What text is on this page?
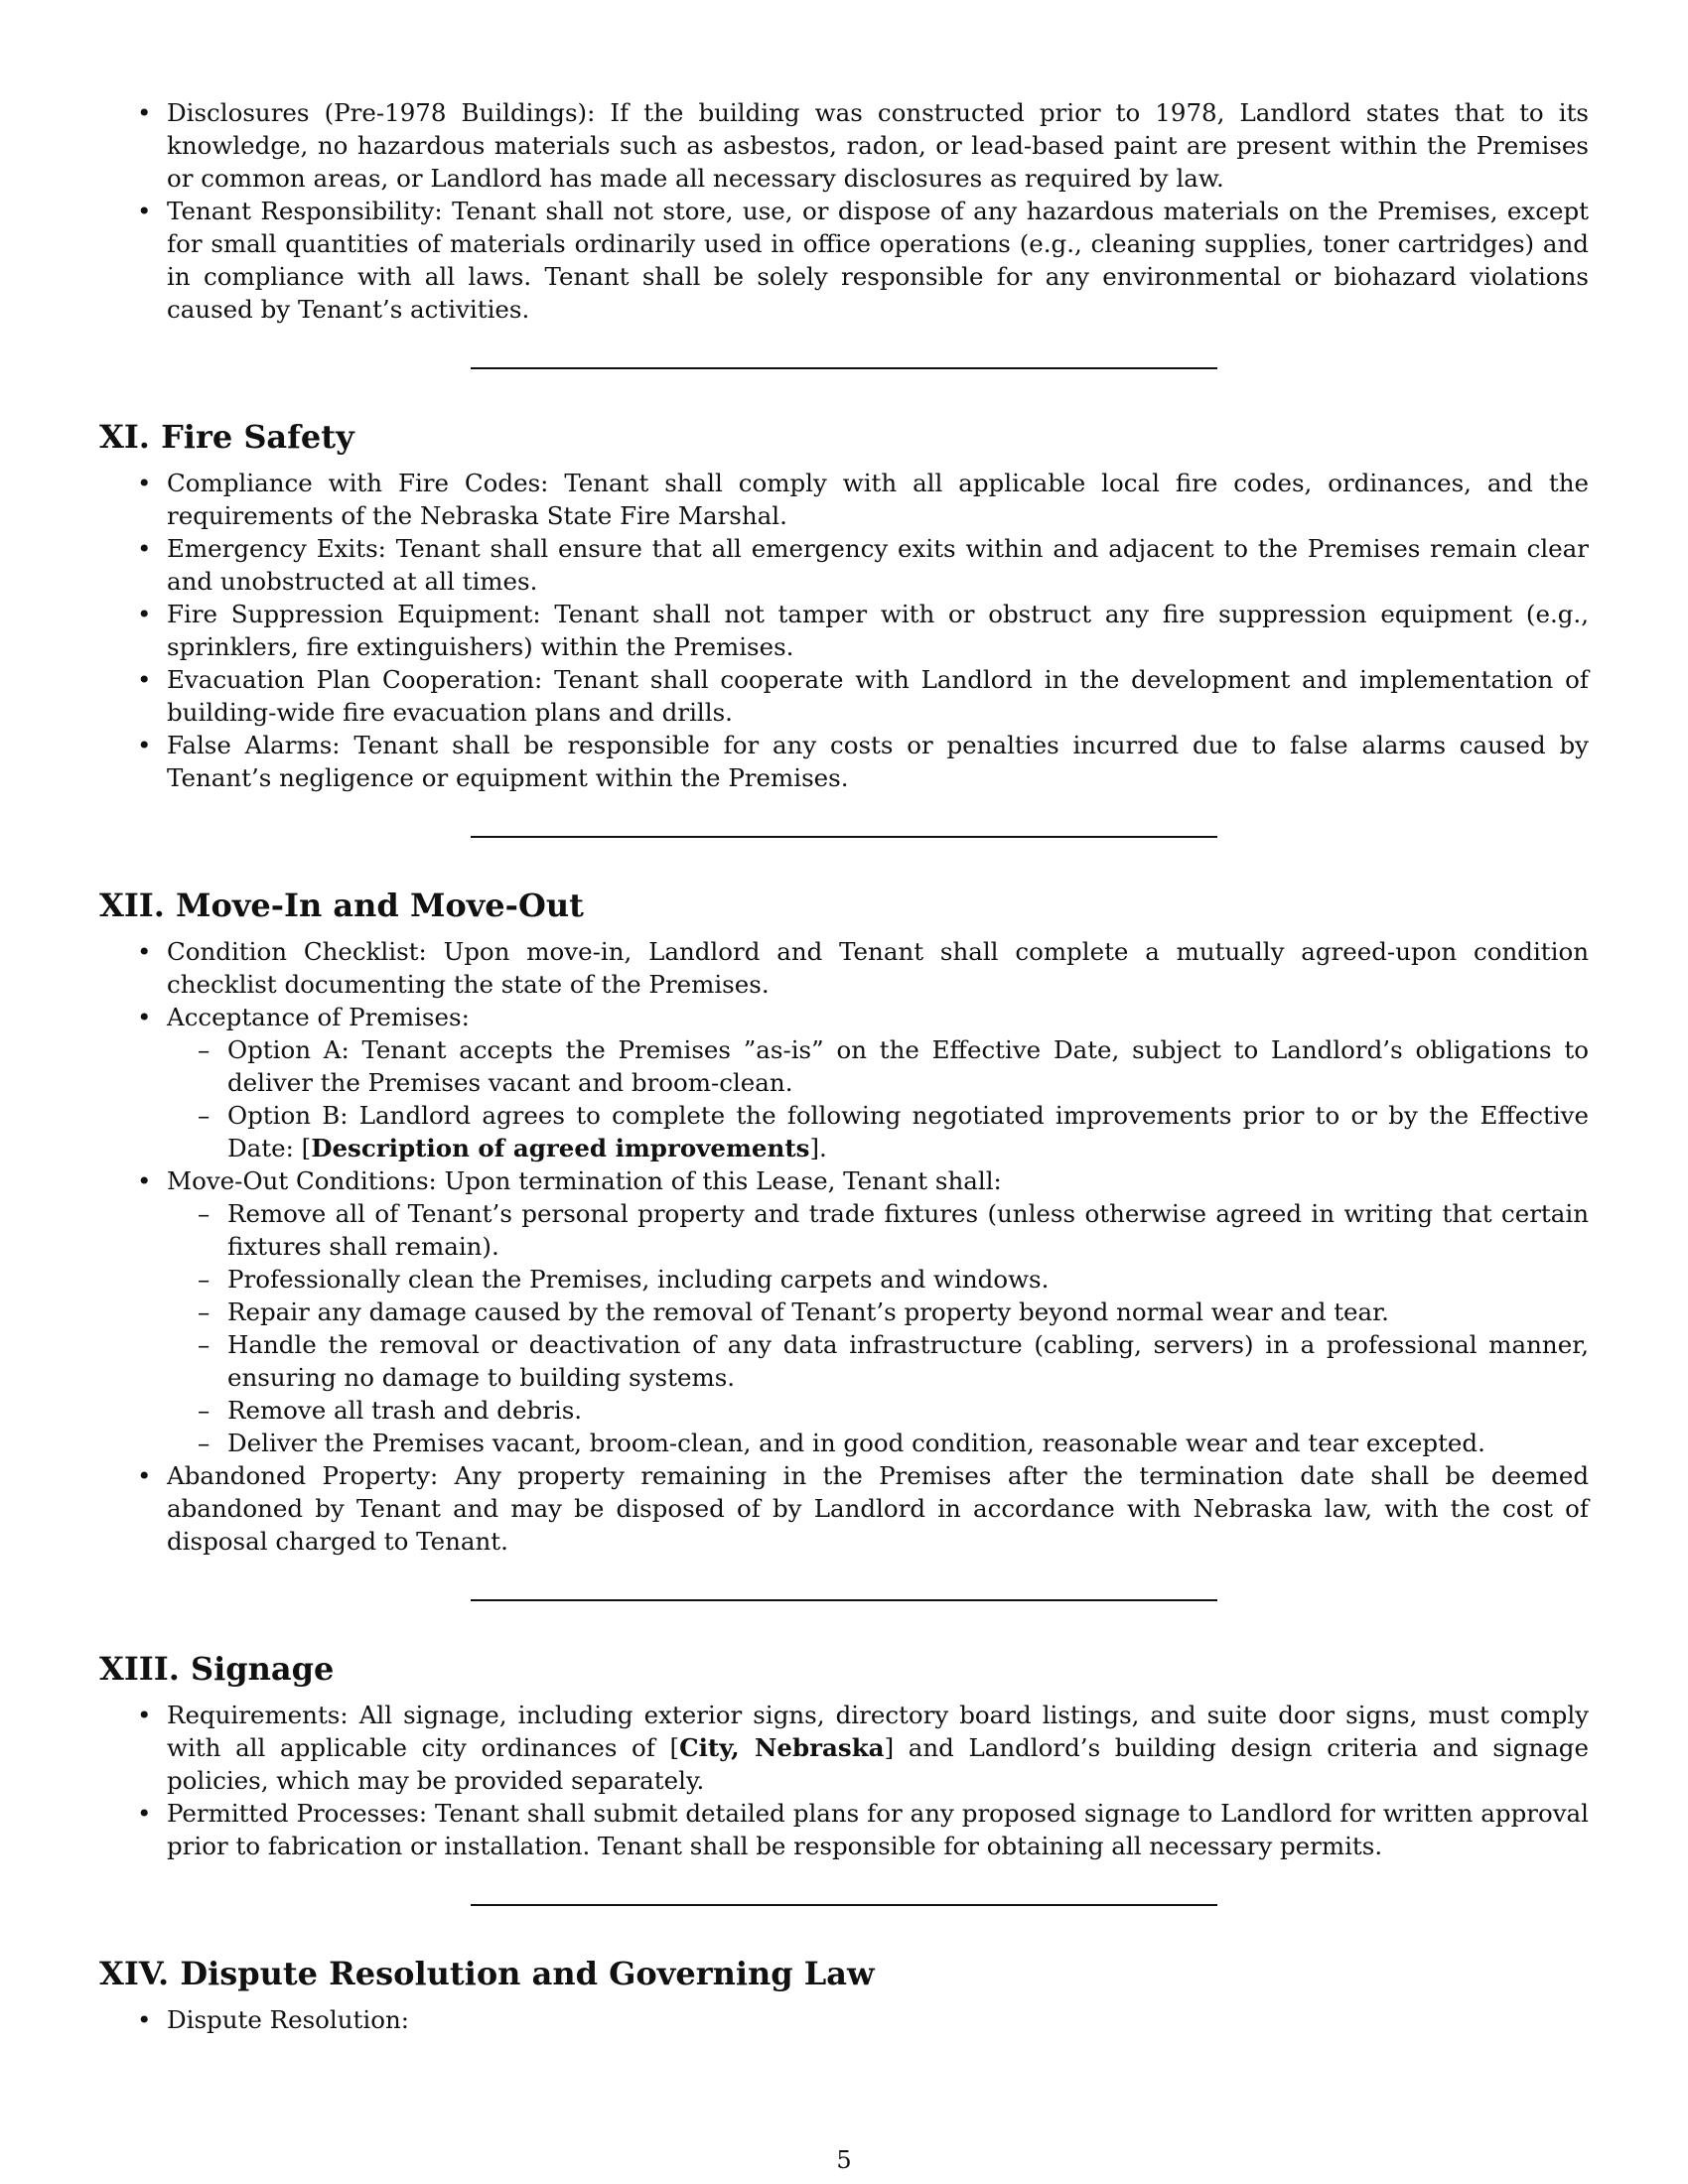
• Disclosures (Pre-1978 Buildings): If the building was constructed prior to 1978, Landlord states that to its knowledge, no hazardous materials such as asbestos, radon, or lead-based paint are present within the Premises or common areas, or Landlord has made all necessary disclosures as required by law.
• Tenant Responsibility: Tenant shall not store, use, or dispose of any hazardous materials on the Premises, except for small quantities of materials ordinarily used in office operations (e.g., cleaning supplies, toner cartridges) and in compliance with all laws. Tenant shall be solely responsible for any environmental or biohazard violations caused by Tenant’s activities.
XI. Fire Safety
• Compliance with Fire Codes: Tenant shall comply with all applicable local fire codes, ordinances, and the requirements of the Nebraska State Fire Marshal.
• Emergency Exits: Tenant shall ensure that all emergency exits within and adjacent to the Premises remain clear and unobstructed at all times.
• Fire Suppression Equipment: Tenant shall not tamper with or obstruct any fire suppression equipment (e.g., sprinklers, fire extinguishers) within the Premises.
• Evacuation Plan Cooperation: Tenant shall cooperate with Landlord in the development and implementation of building-wide fire evacuation plans and drills.
• False Alarms: Tenant shall be responsible for any costs or penalties incurred due to false alarms caused by Tenant’s negligence or equipment within the Premises.
XII. Move-In and Move-Out
• Condition Checklist: Upon move-in, Landlord and Tenant shall complete a mutually agreed-upon condition checklist documenting the state of the Premises.
• Acceptance of Premises:
– Option A: Tenant accepts the Premises ”as-is” on the Effective Date, subject to Landlord’s obligations to deliver the Premises vacant and broom-clean.
– Option B: Landlord agrees to complete the following negotiated improvements prior to or by the Effective Date: [Description of agreed improvements].
• Move-Out Conditions: Upon termination of this Lease, Tenant shall:
– Remove all of Tenant’s personal property and trade fixtures (unless otherwise agreed in writing that certain fixtures shall remain).
– Professionally clean the Premises, including carpets and windows.
– Repair any damage caused by the removal of Tenant’s property beyond normal wear and tear.
– Handle the removal or deactivation of any data infrastructure (cabling, servers) in a professional manner, ensuring no damage to building systems.
– Remove all trash and debris.
– Deliver the Premises vacant, broom-clean, and in good condition, reasonable wear and tear excepted.
• Abandoned Property: Any property remaining in the Premises after the termination date shall be deemed abandoned by Tenant and may be disposed of by Landlord in accordance with Nebraska law, with the cost of disposal charged to Tenant.
XIII. Signage
• Requirements: All signage, including exterior signs, directory board listings, and suite door signs, must comply with all applicable city ordinances of [City, Nebraska] and Landlord’s building design criteria and signage policies, which may be provided separately.
• Permitted Processes: Tenant shall submit detailed plans for any proposed signage to Landlord for written approval prior to fabrication or installation. Tenant shall be responsible for obtaining all necessary permits.
XIV. Dispute Resolution and Governing Law
• Dispute Resolution:
5
